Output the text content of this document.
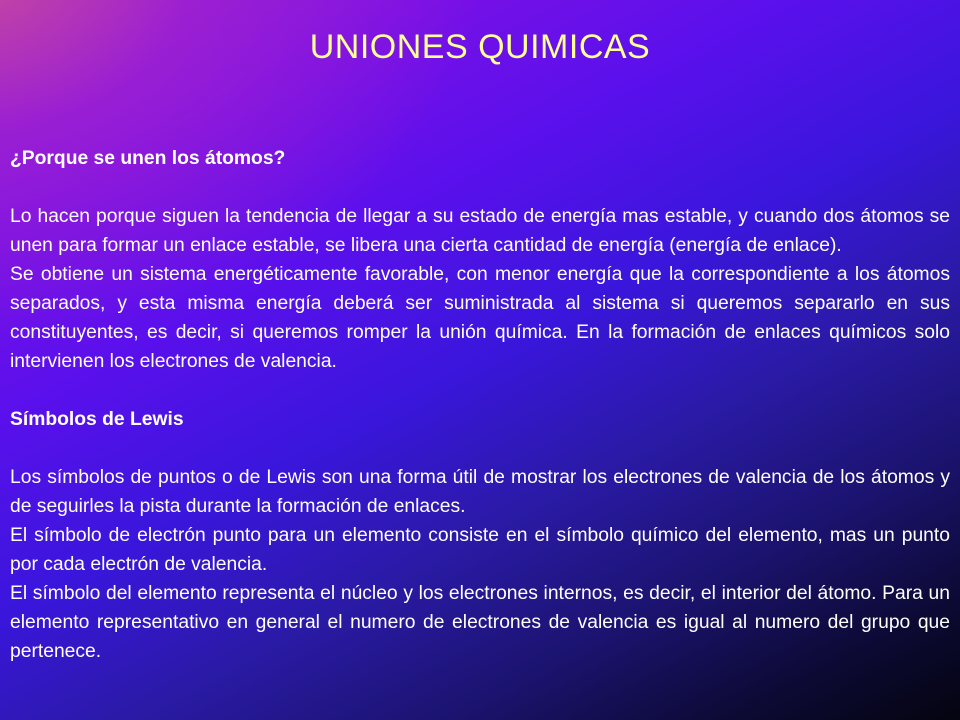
UNIONES QUIMICAS

¿Porque se unen los átomos?

Lo hacen porque siguen la tendencia de llegar a su estado de energía mas estable, y cuando dos átomos se unen para formar un enlace estable, se libera una cierta cantidad de energía (energía de enlace).

Se obtiene un sistema energéticamente favorable, con menor energía que la correspondiente a los átomos separados, y esta misma energía deberá ser suministrada al sistema si queremos separarlo en sus constituyentes, es decir, si queremos romper la unión química. En la formación de enlaces químicos solo intervienen los electrones de valencia.

Símbolos de Lewis

Los símbolos de puntos o de Lewis son una forma útil de mostrar los electrones de valencia de los átomos y de seguirles la pista durante la formación de enlaces.

El símbolo de electrón punto para un elemento consiste en el símbolo químico del elemento, mas un punto por cada electrón de valencia.

El símbolo del elemento representa el núcleo y los electrones internos, es decir, el interior del átomo. Para un elemento representativo en general el numero de electrones de valencia es igual al numero del grupo que pertenece.
